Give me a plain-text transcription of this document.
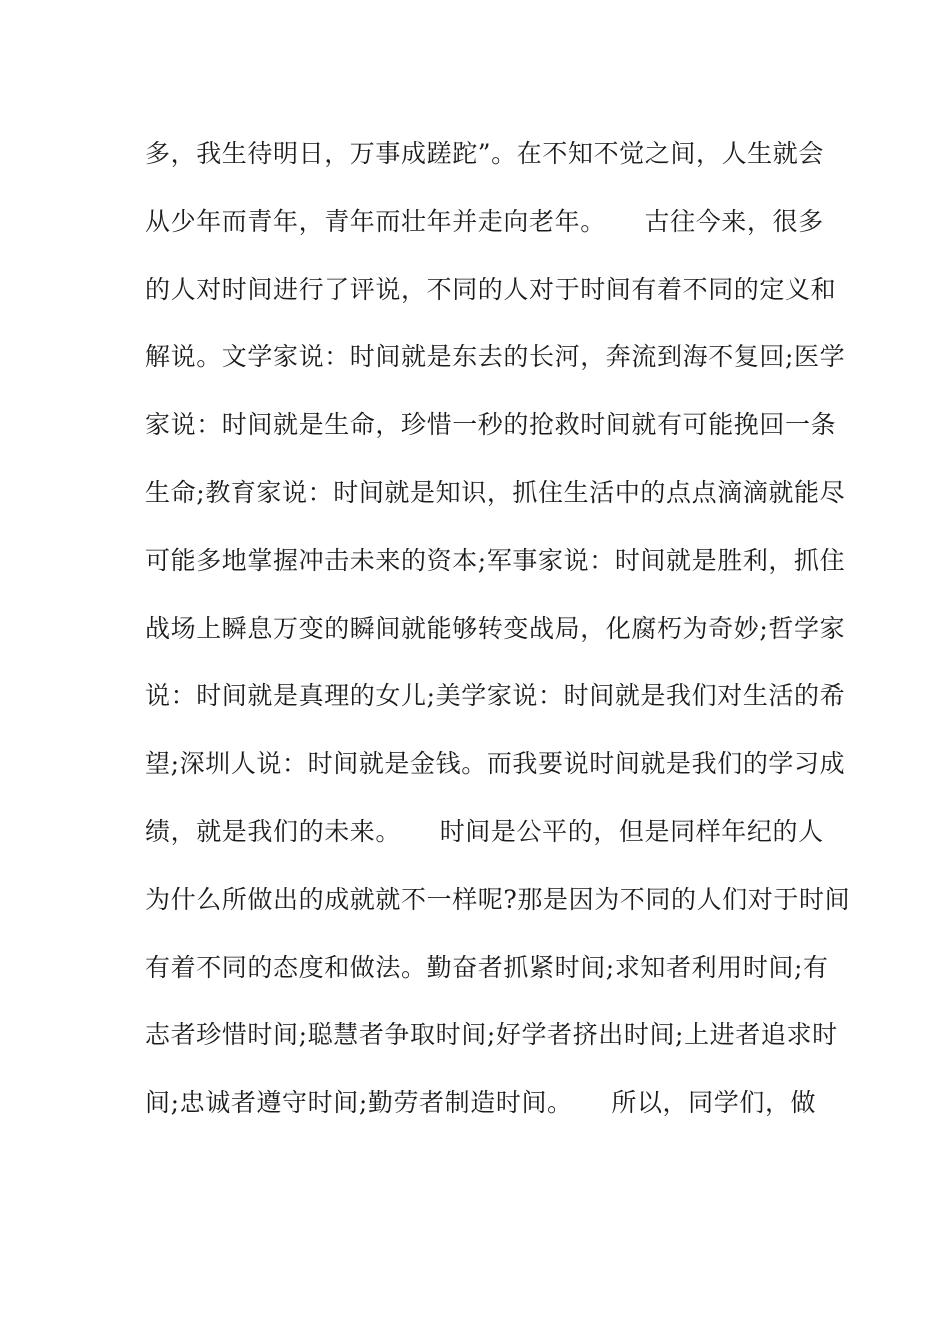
多，我生待明日，万事成蹉跎”。在不知不觉之间，人生就会
从少年而青年，青年而壮年并走向老年。　　古往今来，很多
的人对时间进行了评说，不同的人对于时间有着不同的定义和
解说。文学家说：时间就是东去的长河，奔流到海不复回;医学
家说：时间就是生命，珍惜一秒的抢救时间就有可能挽回一条
生命;教育家说：时间就是知识，抓住生活中的点点滴滴就能尽
可能多地掌握冲击未来的资本;军事家说：时间就是胜利，抓住
战场上瞬息万变的瞬间就能够转变战局，化腐朽为奇妙;哲学家
说：时间就是真理的女儿;美学家说：时间就是我们对生活的希
望;深圳人说：时间就是金钱。而我要说时间就是我们的学习成
绩，就是我们的未来。　　时间是公平的，但是同样年纪的人
为什么所做出的成就就不一样呢?那是因为不同的人们对于时间
有着不同的态度和做法。勤奋者抓紧时间;求知者利用时间;有
志者珍惜时间;聪慧者争取时间;好学者挤出时间;上进者追求时
间;忠诚者遵守时间;勤劳者制造时间。　　所以，同学们，做
